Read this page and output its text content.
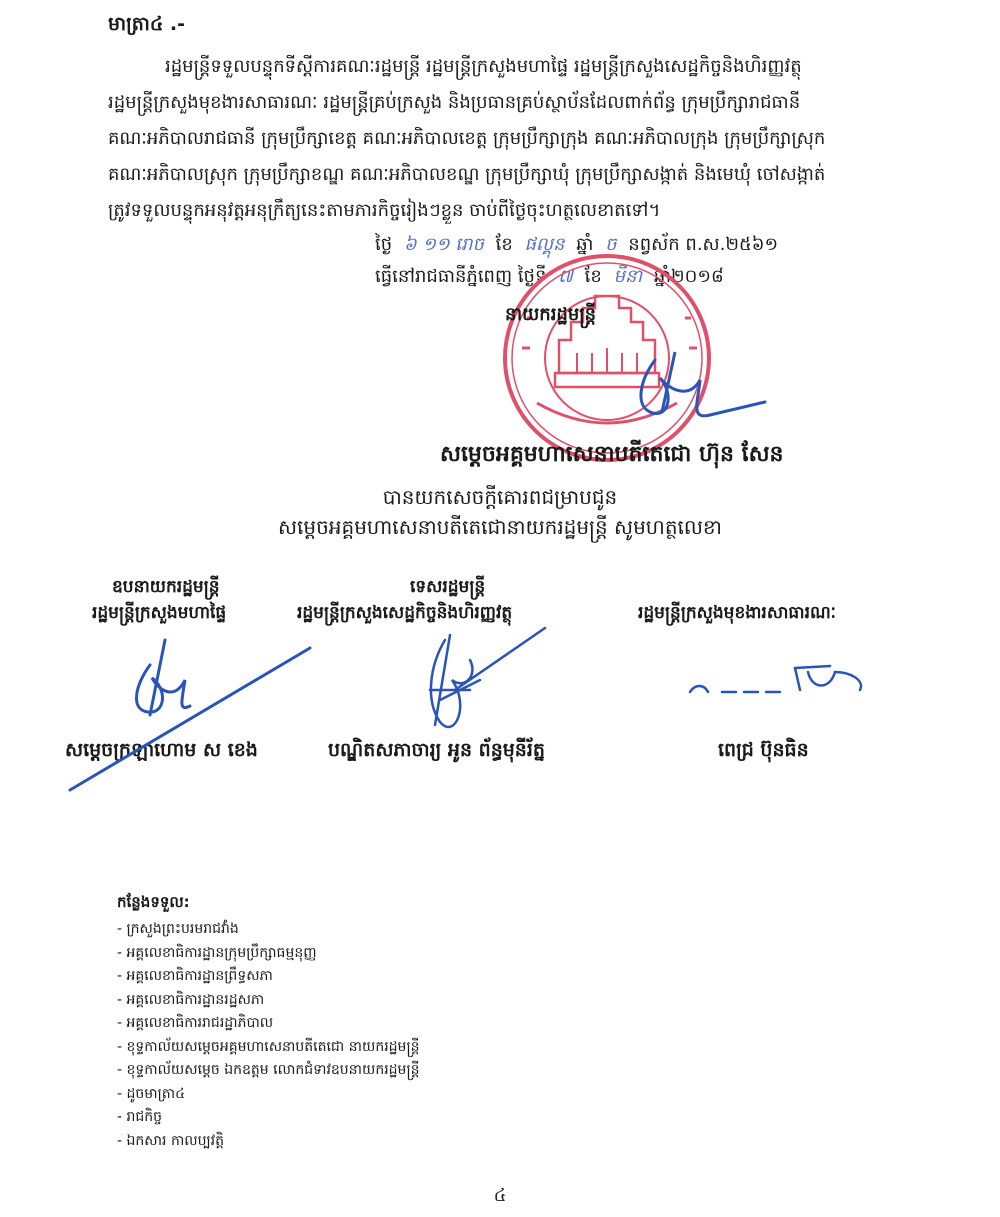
មាត្រា៤ .-
រដ្ឋមន្ត្រីទទួលបន្ទុកទីស្តីការគណៈរដ្ឋមន្ត្រី រដ្ឋមន្ត្រីក្រសួងមហាផ្ទៃ រដ្ឋមន្ត្រីក្រសួងសេដ្ឋកិច្ចនិងហិរញ្ញវត្ថុ
រដ្ឋមន្ត្រីក្រសួងមុខងារសាធារណៈ រដ្ឋមន្ត្រីគ្រប់ក្រសួង និងប្រធានគ្រប់ស្ថាប័នដែលពាក់ព័ន្ធ ក្រុមប្រឹក្សារាជធានី
គណៈអភិបាលរាជធានី ក្រុមប្រឹក្សាខេត្ត គណៈអភិបាលខេត្ត ក្រុមប្រឹក្សាក្រុង គណៈអភិបាលក្រុង ក្រុមប្រឹក្សាស្រុក
គណៈអភិបាលស្រុក ក្រុមប្រឹក្សាខណ្ឌ គណៈអភិបាលខណ្ឌ ក្រុមប្រឹក្សាឃុំ ក្រុមប្រឹក្សាសង្កាត់ និងមេឃុំ ចៅសង្កាត់
ត្រូវទទួលបន្ទុកអនុវត្តអនុក្រឹត្យនេះតាមភារកិច្ចរៀងៗខ្លួន ចាប់ពីថ្ងៃចុះហត្ថលេខាតទៅ។
ថ្ងៃ ៦ ១១ រោច ខែ ផល្គុន ឆ្នាំ ច នព្វស័ក ព.ស.២៥៦១
ធ្វើនៅរាជធានីភ្នំពេញ ថ្ងៃទី ៧ ខែ មីនា ឆ្នាំ២០១៨
នាយករដ្ឋមន្ត្រី
សម្តេចអគ្គមហាសេនាបតីតេជោ ហ៊ុន សែន
បានយកសេចក្តីគោរពជម្រាបជូន
សម្តេចអគ្គមហាសេនាបតីតេជោនាយករដ្ឋមន្ត្រី សូមហត្ថលេខា
ឧបនាយករដ្ឋមន្ត្រី
រដ្ឋមន្ត្រីក្រសួងមហាផ្ទៃ
សម្តេចក្រឡាហោម ស ខេង
ទេសរដ្ឋមន្ត្រី
រដ្ឋមន្ត្រីក្រសួងសេដ្ឋកិច្ចនិងហិរញ្ញវត្ថុ
បណ្ឌិតសភាចារ្យ អូន ព័ន្ធមុនីរ័ត្ន
រដ្ឋមន្ត្រីក្រសួងមុខងារសាធារណៈ
ពេជ្រ ប៊ុនធិន
កន្លែងទទួល:
- ក្រសួងព្រះបរមរាជវាំង
- អគ្គលេខាធិការដ្ឋានក្រុមប្រឹក្សាធម្មនុញ្ញ
- អគ្គលេខាធិការដ្ឋានព្រឹទ្ធសភា
- អគ្គលេខាធិការដ្ឋានរដ្ឋសភា
- អគ្គលេខាធិការរាជរដ្ឋាភិបាល
- ខុទ្ទកាល័យសម្តេចអគ្គមហាសេនាបតីតេជោ នាយករដ្ឋមន្ត្រី
- ខុទ្ទកាល័យសម្តេច ឯកឧត្តម លោកជំទាវឧបនាយករដ្ឋមន្ត្រី
- ដូចមាត្រា៤
- រាជកិច្ច
- ឯកសារ កាលប្បវត្តិ
៤
